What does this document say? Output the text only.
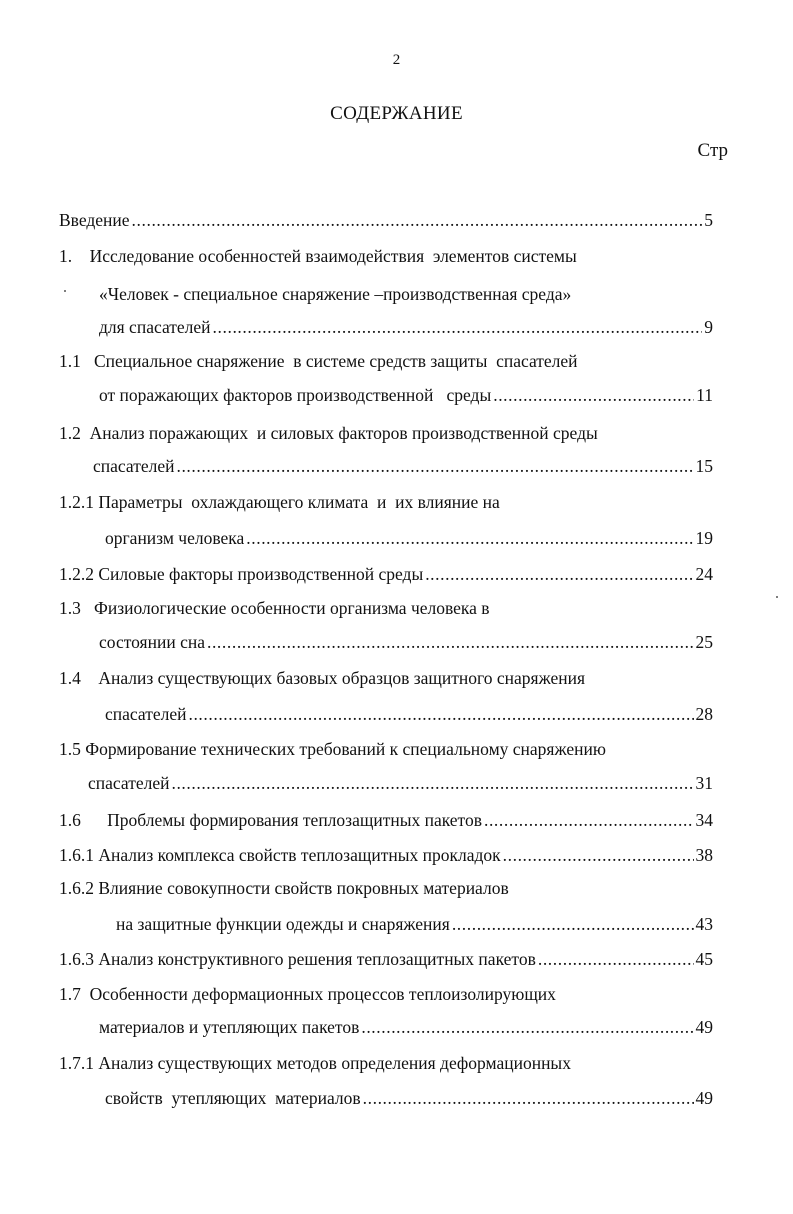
2
СОДЕРЖАНИЕ
Стр
Введение .....	5
1.    Исследование особенностей взаимодействия  элементов системы
«Человек - специальное снаряжение –производственная среда»
для спасателей .....	9
1.1   Специальное снаряжение  в системе средств защиты  спасателей
от поражающих факторов производственной   среды .....	11
1.2  Анализ поражающих  и силовых факторов производственной среды
спасателей .....	15
1.2.1 Параметры  охлаждающего климата  и  их влияние на
организм человека .....	19
1.2.2 Силовые факторы производственной среды .....	24
1.3   Физиологические особенности организма человека в
состоянии сна .....	25
1.4    Анализ существующих базовых образцов защитного снаряжения
спасателей .....	28
1.5 Формирование технических требований к специальному снаряжению
спасателей .....	31
1.6      Проблемы формирования теплозащитных пакетов .....	34
1.6.1 Анализ комплекса свойств теплозащитных прокладок .....	38
1.6.2 Влияние совокупности свойств покровных материалов
на защитные функции одежды и снаряжения .....	43
1.6.3 Анализ конструктивного решения теплозащитных пакетов .....	45
1.7  Особенности деформационных процессов теплоизолирующих
материалов и утепляющих пакетов .....	49
1.7.1 Анализ существующих методов определения деформационных
свойств  утепляющих  материалов .....	49
